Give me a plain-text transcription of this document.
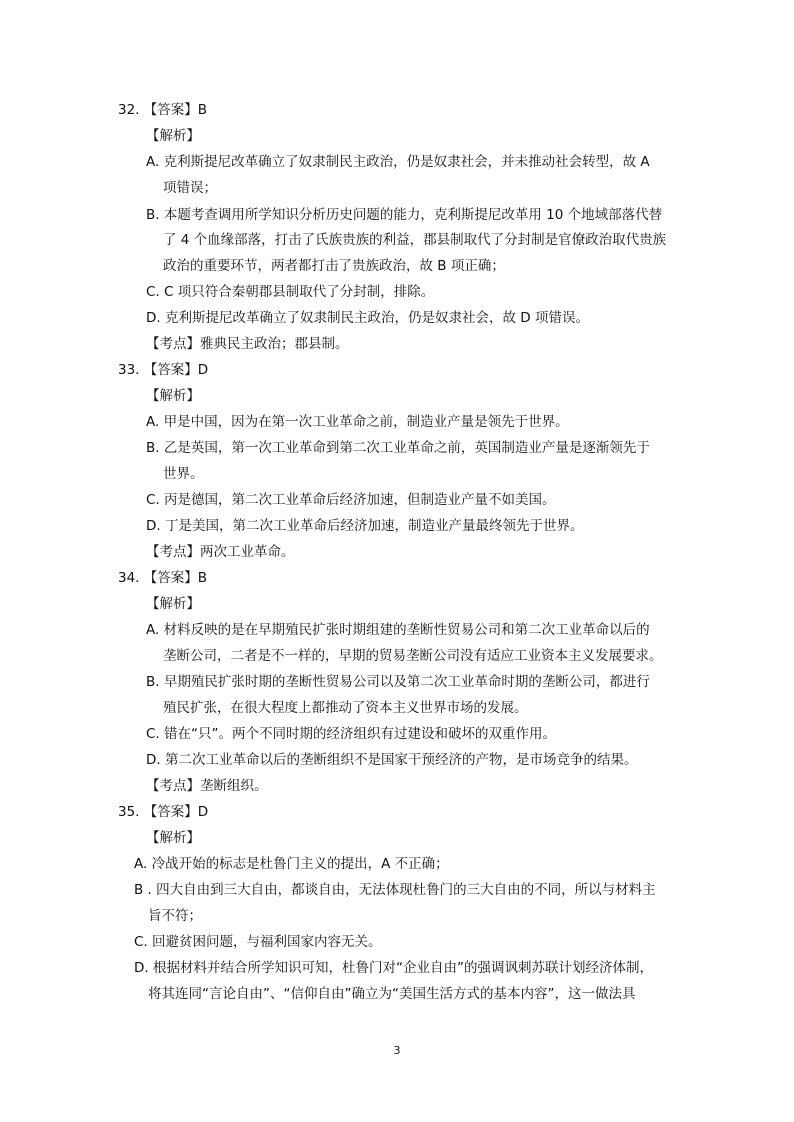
32. 【答案】B
【解析】
A. 克利斯提尼改革确立了奴隶制民主政治，仍是奴隶社会，并未推动社会转型，故 A
项错误；
B. 本题考查调用所学知识分析历史问题的能力，克利斯提尼改革用 10 个地域部落代替
了 4 个血缘部落，打击了氏族贵族的利益，郡县制取代了分封制是官僚政治取代贵族
政治的重要环节，两者都打击了贵族政治，故 B 项正确；
C. C 项只符合秦朝郡县制取代了分封制，排除。
D. 克利斯提尼改革确立了奴隶制民主政治，仍是奴隶社会，故 D 项错误。
【考点】雅典民主政治；郡县制。
33. 【答案】D
【解析】
A. 甲是中国，因为在第一次工业革命之前，制造业产量是领先于世界。
B. 乙是英国，第一次工业革命到第二次工业革命之前，英国制造业产量是逐渐领先于
世界。
C. 丙是德国，第二次工业革命后经济加速，但制造业产量不如美国。
D. 丁是美国，第二次工业革命后经济加速，制造业产量最终领先于世界。
【考点】两次工业革命。
34. 【答案】B
【解析】
A. 材料反映的是在早期殖民扩张时期组建的垄断性贸易公司和第二次工业革命以后的
垄断公司，二者是不一样的，早期的贸易垄断公司没有适应工业资本主义发展要求。
B. 早期殖民扩张时期的垄断性贸易公司以及第二次工业革命时期的垄断公司，都进行
殖民扩张，在很大程度上都推动了资本主义世界市场的发展。
C. 错在“只”。两个不同时期的经济组织有过建设和破坏的双重作用。
D. 第二次工业革命以后的垄断组织不是国家干预经济的产物，是市场竞争的结果。
【考点】垄断组织。
35. 【答案】D
【解析】
A. 冷战开始的标志是杜鲁门主义的提出，A 不正确；
B . 四大自由到三大自由，都谈自由，无法体现杜鲁门的三大自由的不同，所以与材料主
旨不符；
C. 回避贫困问题，与福利国家内容无关。
D. 根据材料并结合所学知识可知，杜鲁门对“企业自由”的强调讽刺苏联计划经济体制，
将其连同“言论自由”、“信仰自由”确立为“美国生活方式的基本内容”，这一做法具
3
